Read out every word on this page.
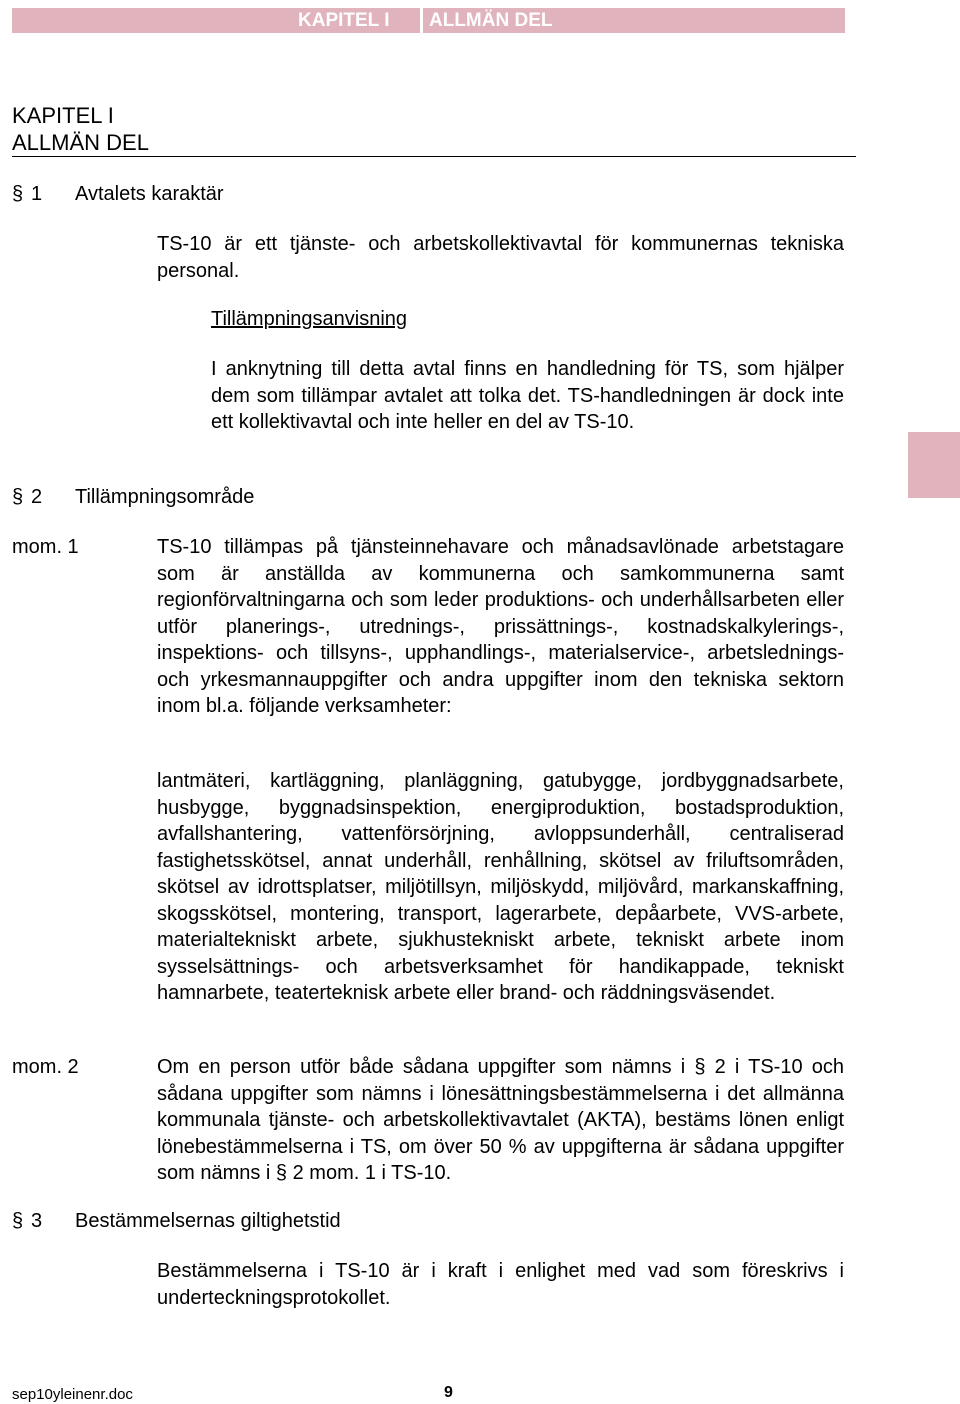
KAPITEL I ALLMÄN DEL
KAPITEL I
ALLMÄN DEL
§ 1 Avtalets karaktär
TS-10 är ett tjänste- och arbetskollektivavtal för kommunernas tekniska personal.
Tillämpningsanvisning
I anknytning till detta avtal finns en handledning för TS, som hjälper dem som tillämpar avtalet att tolka det. TS-handledningen är dock inte ett kollektivavtal och inte heller en del av TS-10.
§ 2 Tillämpningsområde
mom. 1	TS-10 tillämpas på tjänsteinnehavare och månadsavlönade arbetstagare som är anställda av kommunerna och samkommunerna samt regionförvaltningarna och som leder produktions- och underhållsarbeten eller utför planerings-, utrednings-, prissättnings-, kostnadskalkylerings-, inspektions- och tillsyns-, upphandlings-, materialservice-, arbetslednings- och yrkesmannauppgifter och andra uppgifter inom den tekniska sektorn inom bl.a. följande verksamheter:
lantmäteri, kartläggning, planläggning, gatubygge, jordbyggnadsarbete, husbygge, byggnadsinspektion, energiproduktion, bostadsproduktion, avfallshantering, vattenförsörjning, avloppsunderhåll, centraliserad fastighetsskötsel, annat underhåll, renhållning, skötsel av friluftsområden, skötsel av idrottsplatser, miljötillsyn, miljöskydd, miljövård, markanskaffning, skogsskötsel, montering, transport, lagerarbete, depåarbete, VVS-arbete, materialtekniskt arbete, sjukhustekniskt arbete, tekniskt arbete inom sysselsättnings- och arbetsverksamhet för handikappade, tekniskt hamnarbete, teaterteknisk arbete eller brand- och räddningsväsendet.
mom. 2	Om en person utför både sådana uppgifter som nämns i § 2 i TS-10 och sådana uppgifter som nämns i lönesättningsbestämmelserna i det allmänna kommunala tjänste- och arbetskollektivavtalet (AKTA), bestäms lönen enligt lönebestämmelserna i TS, om över 50 % av uppgifterna är sådana uppgifter som nämns i § 2 mom. 1 i TS-10.
§ 3 Bestämmelsernas giltighetstid
Bestämmelserna i TS-10 är i kraft i enlighet med vad som föreskrivs i underteckningsprotokollet.
sep10yleinenr.doc	9
